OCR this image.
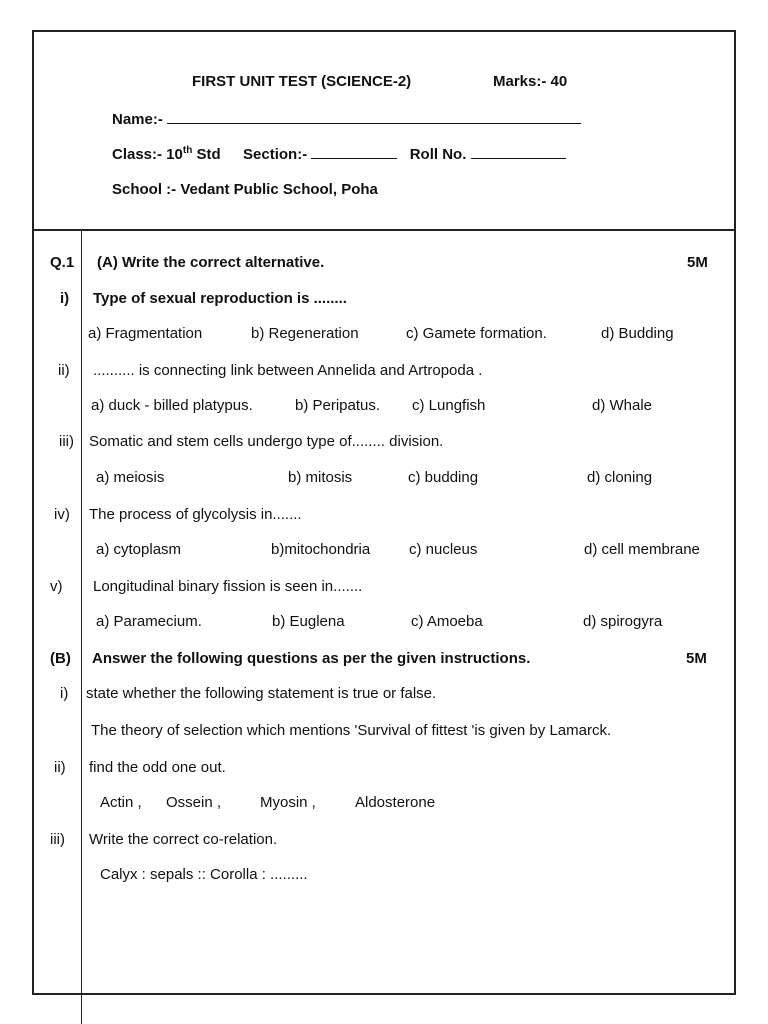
FIRST UNIT TEST (SCIENCE-2)	Marks:- 40
Name:-
Class:- 10th Std Section:-	Roll No.
School :- Vedant Public School, Poha
Q.1 (A) Write the correct alternative.	5M
i) Type of sexual reproduction is ........
a) Fragmentation	b) Regeneration	c) Gamete formation.	d) Budding
ii) .......... is connecting link between Annelida and Artropoda .
a) duck - billed platypus.	b) Peripatus. c) Lungfish	d) Whale
iii) Somatic and stem cells undergo type of........ division.
a) meiosis	b) mitosis	c) budding	d) cloning
iv) The process of glycolysis in.......
a) cytoplasm	b)mitochondria	c) nucleus	d) cell membrane
v) Longitudinal binary fission is seen in.......
a) Paramecium.	b) Euglena	c) Amoeba	d) spirogyra
(B) Answer the following questions as per the given instructions.	5M
i) state whether the following statement is true or false.
The theory of selection which mentions 'Survival of fittest 'is given by Lamarck.
ii) find the odd one out.
Actin , Ossein ,	Myosin ,	Aldosterone
iii) Write the correct co-relation.
Calyx : sepals :: Corolla : .........
